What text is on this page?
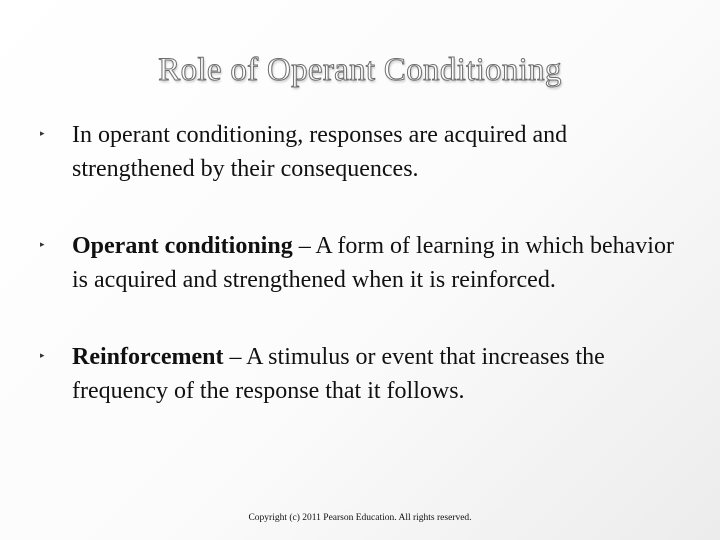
Role of Operant Conditioning
▸ In operant conditioning, responses are acquired and strengthened by their consequences.
▸ Operant conditioning – A form of learning in which behavior is acquired and strengthened when it is reinforced.
▸ Reinforcement – A stimulus or event that increases the frequency of the response that it follows.
Copyright (c) 2011 Pearson Education. All rights reserved.
